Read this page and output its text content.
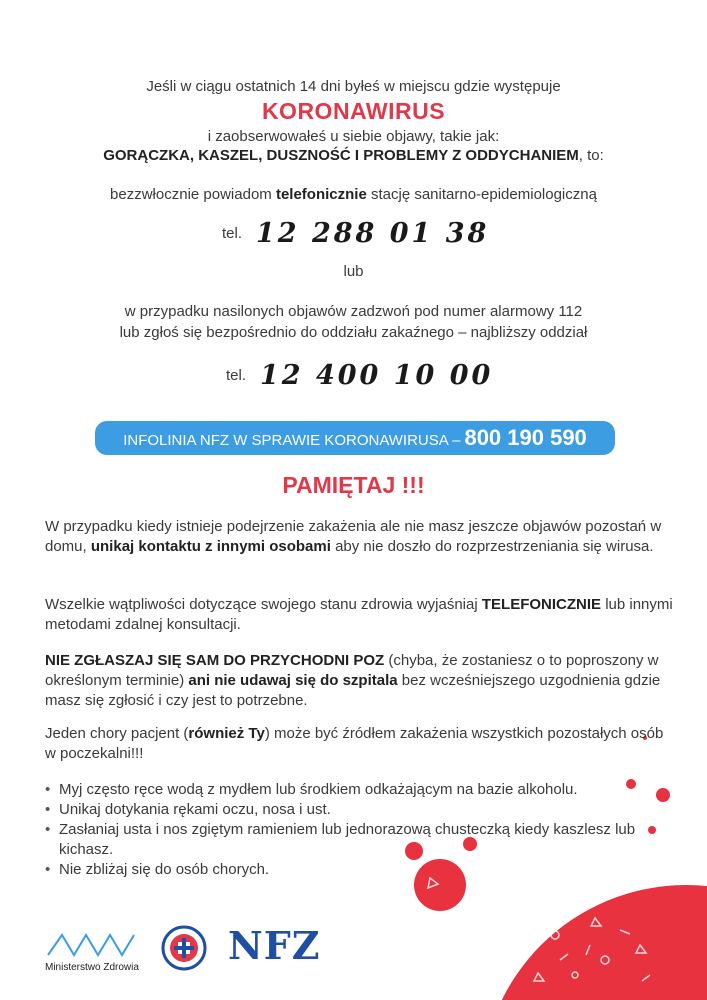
Jeśli w ciągu ostatnich 14 dni byłeś w miejscu gdzie występuje
KORONAWIRUS
i zaobserwowałeś u siebie objawy, takie jak:
GORĄCZKA, KASZEL, DUSZNOŚĆ I PROBLEMY Z ODDYCHANIEM, to:
bezzwłocznie powiadom telefonicznie stację sanitarno-epidemiologiczną
tel. 12 288 01 38
lub
w przypadku nasilonych objawów zadzwoń pod numer alarmowy 112
lub zgłoś się bezpośrednio do oddziału zakaźnego – najbliższy oddział
tel. 12 400 10 00
INFOLINIA NFZ W SPRAWIE KORONAWIRUSA – 800 190 590
PAMIĘTAJ !!!
W przypadku kiedy istnieje podejrzenie zakażenia ale nie masz jeszcze objawów pozostań w domu, unikaj kontaktu z innymi osobami aby nie doszło do rozprzestrzeniania się wirusa.
Wszelkie wątpliwości dotyczące swojego stanu zdrowia wyjaśniaj TELEFONICZNIE lub innymi metodami zdalnej konsultacji.
NIE ZGŁASZAJ SIĘ SAM DO PRZYCHODNI POZ (chyba, że zostaniesz o to poproszony w określonym terminie) ani nie udawaj się do szpitala bez wcześniejszego uzgodnienia gdzie masz się zgłosić i czy jest to potrzebne.
Jeden chory pacjent (również Ty) może być źródłem zakażenia wszystkich pozostałych osób w poczekalni!!!
• Myj często ręce wodą z mydłem lub środkiem odkażającym na bazie alkoholu.
• Unikaj dotykania rękami oczu, nosa i ust.
• Zasłaniaj usta i nos zgiętym ramieniem lub jednorazową chusteczką kiedy kaszlesz lub kichasz.
• Nie zbliżaj się do osób chorych.
Ministerstwo Zdrowia NFZ
